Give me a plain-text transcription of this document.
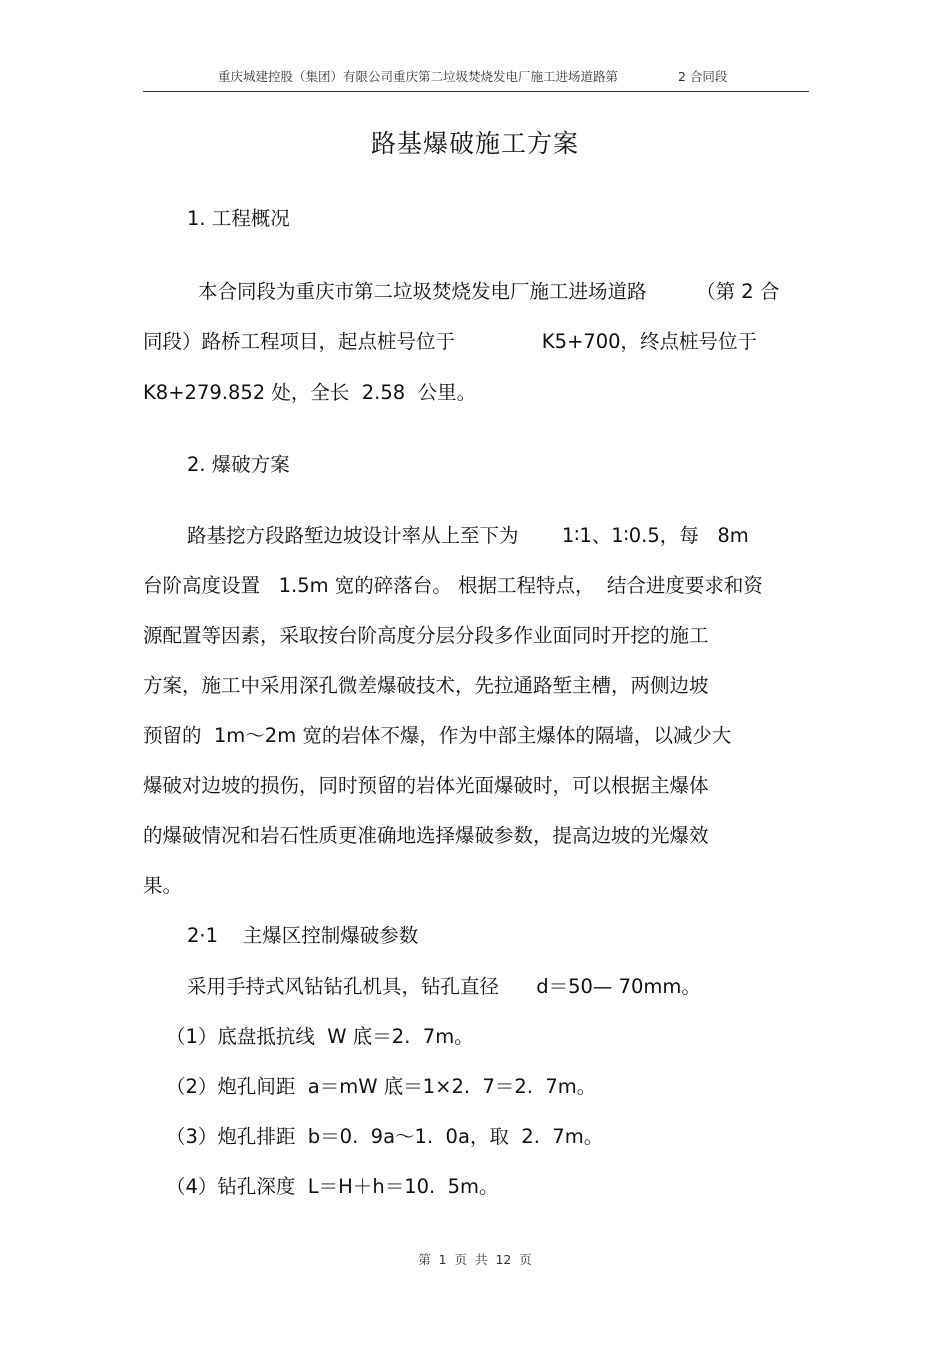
重庆城建控股（集团）有限公司重庆第二垃圾焚烧发电厂施工进场道路第	2 合同段
路基爆破施工方案
1. 工程概况
本合同段为重庆市第二垃圾焚烧发电厂施工进场道路        （第 2 合
同段）路桥工程项目，起点桩号位于              K5+700，终点桩号位于
K8+279.852 处，全长  2.58  公里。
2. 爆破方案
路基挖方段路堑边坡设计率从上至下为       1∶1、1∶0.5，每   8m
台阶高度设置   1.5m 宽的碎落台。 根据工程特点，  结合进度要求和资
源配置等因素，采取按台阶高度分层分段多作业面同时开挖的施工
方案，施工中采用深孔微差爆破技术，先拉通路堑主槽，两侧边坡
预留的  1m～2m 宽的岩体不爆，作为中部主爆体的隔墙，以减少大
爆破对边坡的损伤，同时预留的岩体光面爆破时，可以根据主爆体
的爆破情况和岩石性质更准确地选择爆破参数，提高边坡的光爆效
果。
2·1    主爆区控制爆破参数
采用手持式风钻钻孔机具，钻孔直径      d＝50— 70mm。
（1）底盘抵抗线  W 底＝2.  7m。
（2）炮孔间距  a＝mW 底＝1×2.  7＝2.  7m。
（3）炮孔排距  b＝0.  9a～1.  0a，取  2.  7m。
（4）钻孔深度  L＝H＋h＝10.  5m。
第  1  页  共  12  页
